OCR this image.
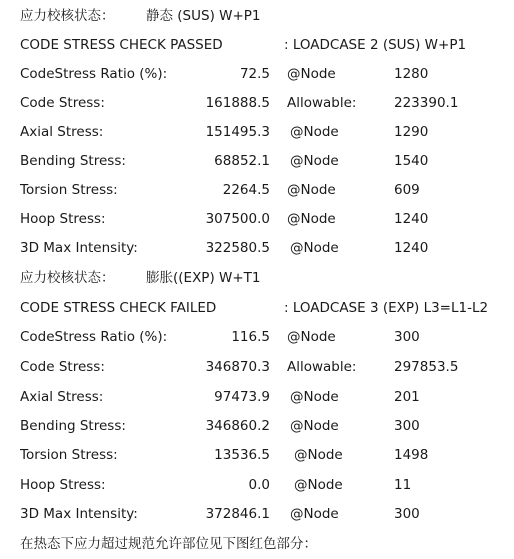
应力校核状态： 静态 (SUS) W+P1
CODE STRESS CHECK PASSED	: LOADCASE 2 (SUS) W+P1
CodeStress Ratio (%):	72.5 @Node	1280
Code Stress:	161888.5 Allowable:	223390.1
Axial Stress:	151495.3 @Node	1290
Bending Stress:	68852.1 @Node	1540
Torsion Stress:	2264.5 @Node	609
Hoop Stress:	307500.0 @Node	1240
3D Max Intensity:	322580.5 @Node	1240
应力校核状态： 膨胀((EXP) W+T1
CODE STRESS CHECK FAILED	: LOADCASE 3 (EXP) L3=L1-L2
CodeStress Ratio (%):	116.5 @Node	300
Code Stress:	346870.3 Allowable:	297853.5
Axial Stress:	97473.9 @Node	201
Bending Stress:	346860.2 @Node	300
Torsion Stress:	13536.5 @Node	1498
Hoop Stress:	0.0 @Node	11
3D Max Intensity:	372846.1 @Node	300
在热态下应力超过规范允许部位见下图红色部分：
